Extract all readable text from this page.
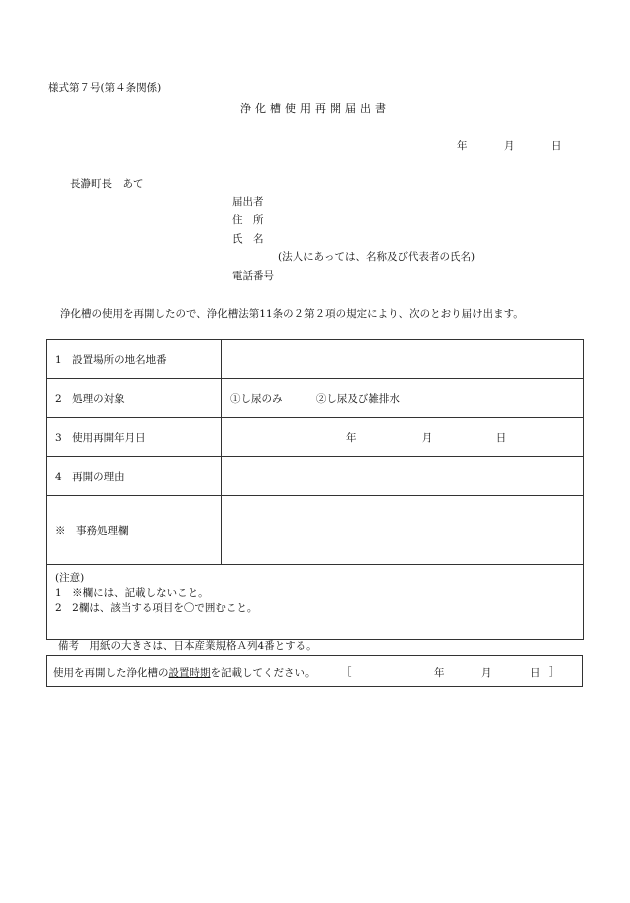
様式第７号(第４条関係)
浄化槽使用再開届出書
年	月	日
長瀞町長　あて
届出者
住　所
氏　名
(法人にあっては、名称及び代表者の氏名)
電話番号
浄化槽の使用を再開したので、浄化槽法第11条の２第２項の規定により、次のとおり届け出ます。
1　設置場所の地名地番	
2　処理の対象	①し尿のみ ②し尿及び雑排水
3　使用再開年月日	年 月 日
4　再開の理由	
※　事務処理欄	

(注意)
1　※欄には、記載しないこと。
2　2欄は、該当する項目を〇で囲むこと。	
備考　用紙の大きさは、日本産業規格Ａ列4番とする。
使用を再開した浄化槽の設置時期を記載してください。 ［	年	月	日 ］
